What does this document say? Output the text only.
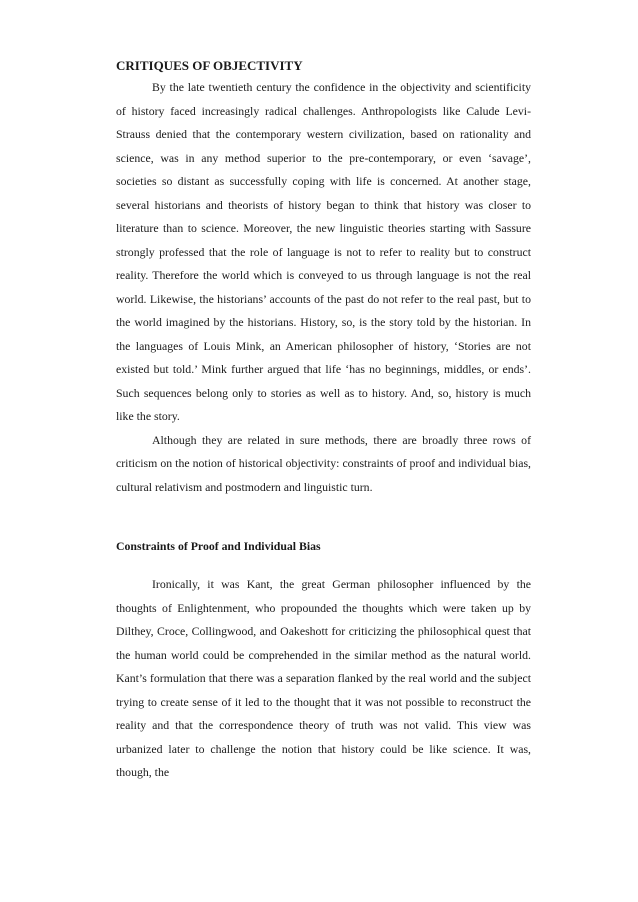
CRITIQUES OF OBJECTIVITY

By the late twentieth century the confidence in the objectivity and scientificity of history faced increasingly radical challenges. Anthropologists like Calude Levi-Strauss denied that the contemporary western civilization, based on rationality and science, was in any method superior to the pre-contemporary, or even ‘savage’, societies so distant as successfully coping with life is concerned. At another stage, several historians and theorists of history began to think that history was closer to literature than to science. Moreover, the new linguistic theories starting with Sassure strongly professed that the role of language is not to refer to reality but to construct reality. Therefore the world which is conveyed to us through language is not the real world. Likewise, the historians’ accounts of the past do not refer to the real past, but to the world imagined by the historians. History, so, is the story told by the historian. In the languages of Louis Mink, an American philosopher of history, ‘Stories are not existed but told.’ Mink further argued that life ‘has no beginnings, middles, or ends’. Such sequences belong only to stories as well as to history. And, so, history is much like the story.

Although they are related in sure methods, there are broadly three rows of criticism on the notion of historical objectivity: constraints of proof and individual bias, cultural relativism and postmodern and linguistic turn.

Constraints of Proof and Individual Bias

Ironically, it was Kant, the great German philosopher influenced by the thoughts of Enlightenment, who propounded the thoughts which were taken up by Dilthey, Croce, Collingwood, and Oakeshott for criticizing the philosophical quest that the human world could be comprehended in the similar method as the natural world. Kant’s formulation that there was a separation flanked by the real world and the subject trying to create sense of it led to the thought that it was not possible to reconstruct the reality and that the correspondence theory of truth was not valid. This view was urbanized later to challenge the notion that history could be like science. It was, though, the
